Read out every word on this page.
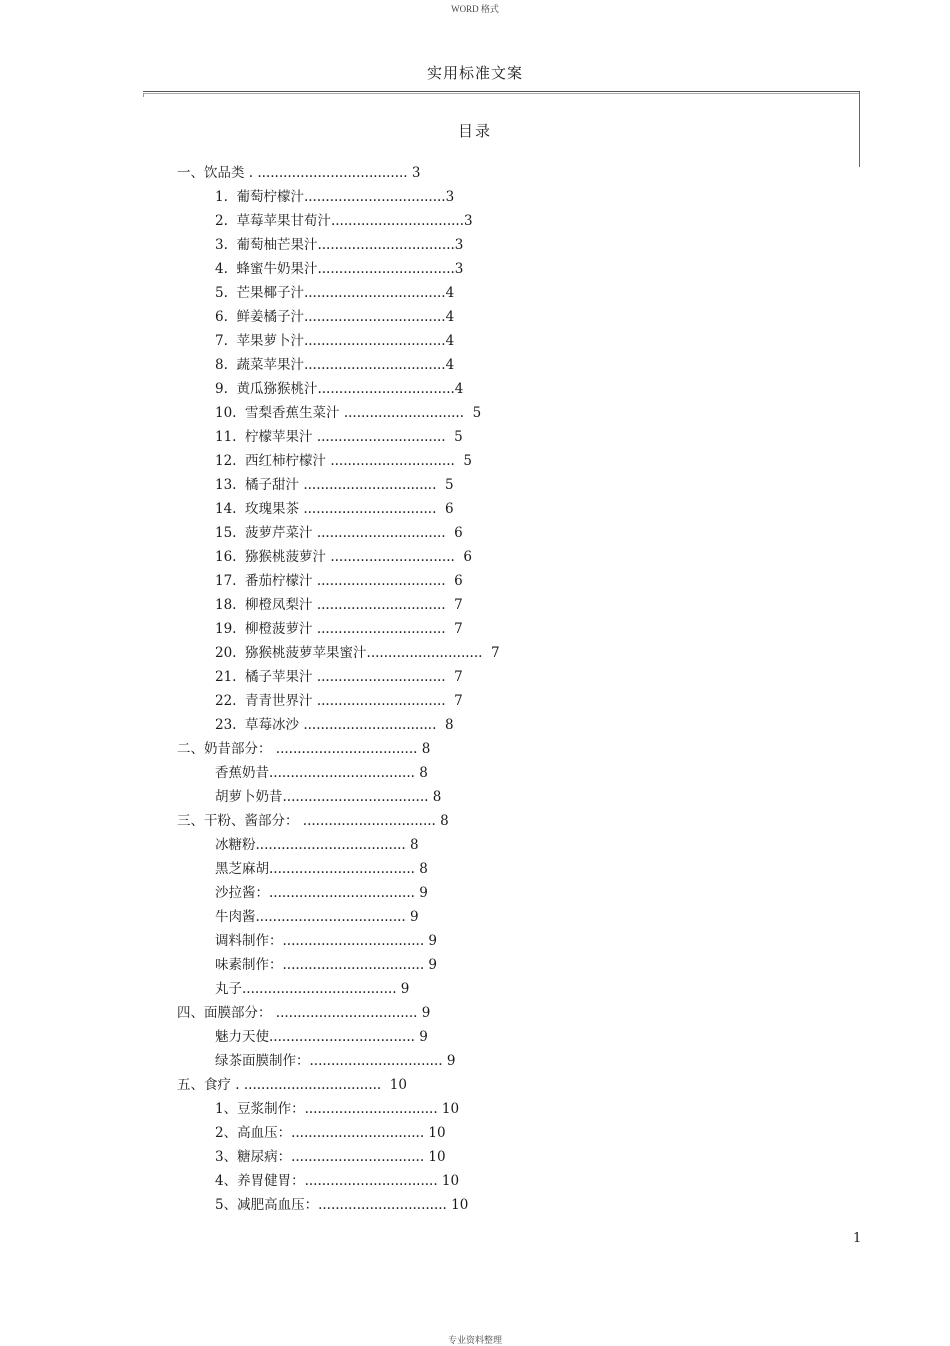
WORD 格式
实用标准文案
目录
一、饮品类 . ................................... 3
1.  葡萄柠檬汁.................................3
2.  草莓苹果甘荀汁...............................3
3.  葡萄柚芒果汁................................3
4.  蜂蜜牛奶果汁................................3
5.  芒果椰子汁.................................4
6.  鲜姜橘子汁.................................4
7.  苹果萝卜汁.................................4
8.  蔬菜苹果汁.................................4
9.  黄瓜猕猴桃汁................................4
10.  雪梨香蕉生菜汁 ............................  5
11.  柠檬苹果汁 ..............................  5
12.  西红柿柠檬汁 .............................  5
13.  橘子甜汁 ...............................  5
14.  玫瑰果茶 ...............................  6
15.  菠萝芹菜汁 ..............................  6
16.  猕猴桃菠萝汁 .............................  6
17.  番茄柠檬汁 ..............................  6
18.  柳橙凤梨汁 ..............................  7
19.  柳橙菠萝汁 ..............................  7
20.  猕猴桃菠萝苹果蜜汁...........................  7
21.  橘子苹果汁 ..............................  7
22.  青青世界汁 ..............................  7
23.  草莓冰沙 ...............................  8
二、奶昔部分： ................................. 8
香蕉奶昔.................................. 8
胡萝卜奶昔.................................. 8
三、干粉、酱部分： ............................... 8
冰糖粉................................... 8
黑芝麻胡.................................. 8
沙拉酱：.................................. 9
牛肉酱................................... 9
调料制作：................................. 9
味素制作：................................. 9
丸子.................................... 9
四、面膜部分： ................................. 9
魅力天使.................................. 9
绿茶面膜制作：............................... 9
五、食疗 . ................................  10
1、豆浆制作：............................... 10
2、高血压：............................... 10
3、糖尿病：............................... 10
4、养胃健胃：............................... 10
5、减肥高血压：.............................. 10
1
专业资料整理
